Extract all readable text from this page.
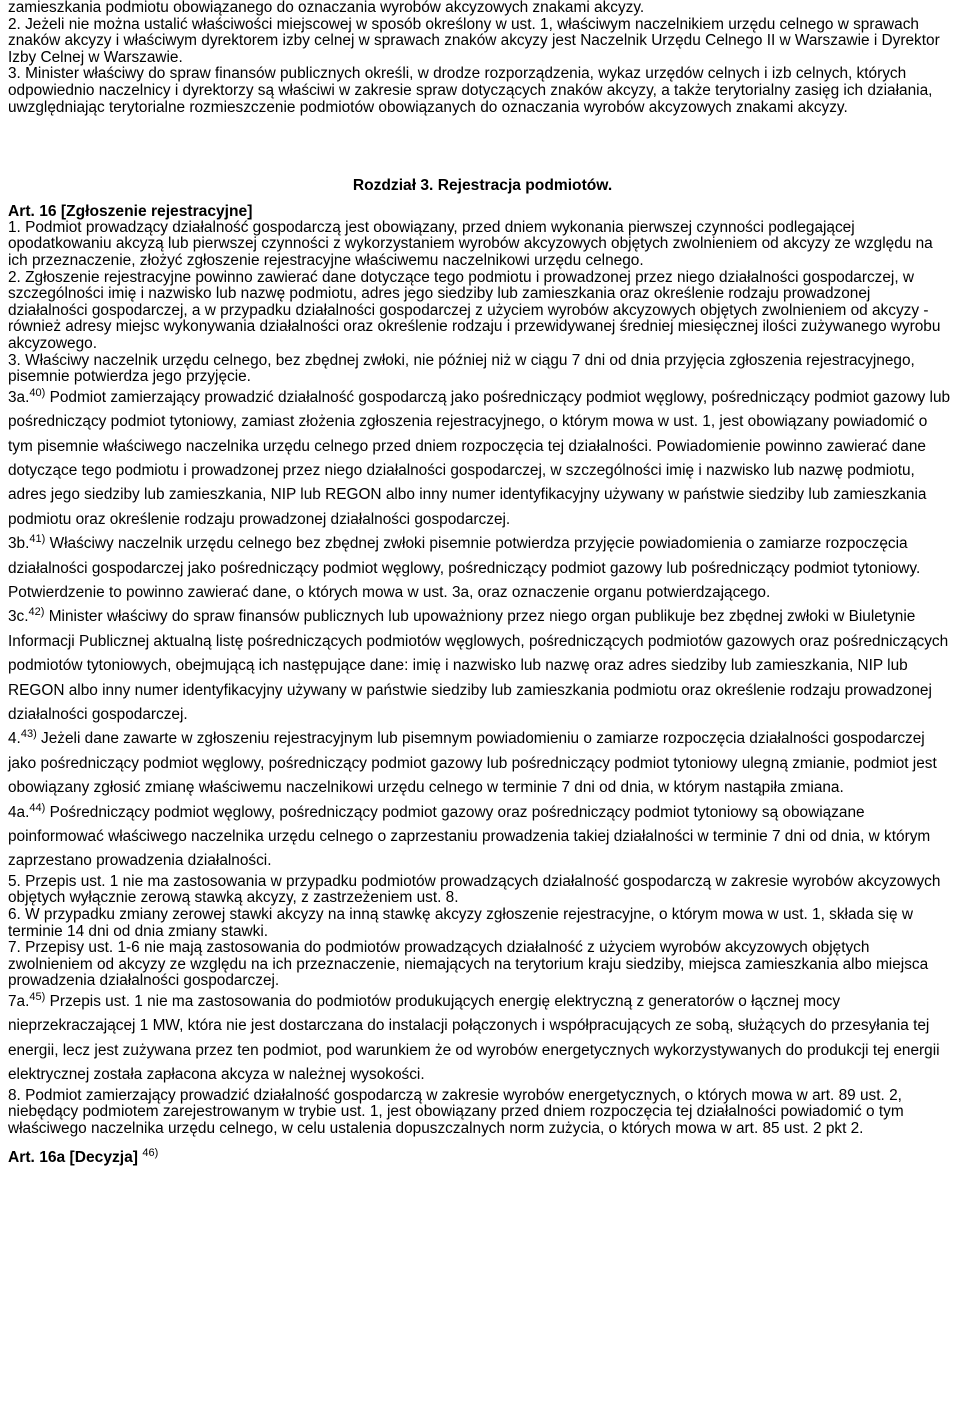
zamieszkania podmiotu obowiązanego do oznaczania wyrobów akcyzowych znakami akcyzy.

2. Jeżeli nie można ustalić właściwości miejscowej w sposób określony w ust. 1, właściwym naczelnikiem urzędu celnego w sprawach znaków akcyzy i właściwym dyrektorem izby celnej w sprawach znaków akcyzy jest Naczelnik Urzędu Celnego II w Warszawie i Dyrektor Izby Celnej w Warszawie.

3. Minister właściwy do spraw finansów publicznych określi, w drodze rozporządzenia, wykaz urzędów celnych i izb celnych, których odpowiednio naczelnicy i dyrektorzy są właściwi w zakresie spraw dotyczących znaków akcyzy, a także terytorialny zasięg ich działania, uwzględniając terytorialne rozmieszczenie podmiotów obowiązanych do oznaczania wyrobów akcyzowych znakami akcyzy.

Rozdział 3. Rejestracja podmiotów.
Art. 16 [Zgłoszenie rejestracyjne]

1. Podmiot prowadzący działalność gospodarczą jest obowiązany, przed dniem wykonania pierwszej czynności podlegającej opodatkowaniu akcyzą lub pierwszej czynności z wykorzystaniem wyrobów akcyzowych objętych zwolnieniem od akcyzy ze względu na ich przeznaczenie, złożyć zgłoszenie rejestracyjne właściwemu naczelnikowi urzędu celnego.

2. Zgłoszenie rejestracyjne powinno zawierać dane dotyczące tego podmiotu i prowadzonej przez niego działalności gospodarczej, w szczególności imię i nazwisko lub nazwę podmiotu, adres jego siedziby lub zamieszkania oraz określenie rodzaju prowadzonej działalności gospodarczej, a w przypadku działalności gospodarczej z użyciem wyrobów akcyzowych objętych zwolnieniem od akcyzy - również adresy miejsc wykonywania działalności oraz określenie rodzaju i przewidywanej średniej miesięcznej ilości zużywanego wyrobu akcyzowego.

3. Właściwy naczelnik urzędu celnego, bez zbędnej zwłoki, nie później niż w ciągu 7 dni od dnia przyjęcia zgłoszenia rejestracyjnego, pisemnie potwierdza jego przyjęcie.

3a.$^{40)}$ Podmiot zamierzający prowadzić działalność gospodarczą jako pośredniczący podmiot węglowy, pośredniczący podmiot gazowy lub pośredniczący podmiot tytoniowy, zamiast złożenia zgłoszenia rejestracyjnego, o którym mowa w ust. 1, jest obowiązany powiadomić o tym pisemnie właściwego naczelnika urzędu celnego przed dniem rozpoczęcia tej działalności. Powiadomienie powinno zawierać dane dotyczące tego podmiotu i prowadzonej przez niego działalności gospodarczej, w szczególności imię i nazwisko lub nazwę podmiotu, adres jego siedziby lub zamieszkania, NIP lub REGON albo inny numer identyfikacyjny używany w państwie siedziby lub zamieszkania podmiotu oraz określenie rodzaju prowadzonej działalności gospodarczej.

3b.$^{41)}$ Właściwy naczelnik urzędu celnego bez zbędnej zwłoki pisemnie potwierdza przyjęcie powiadomienia o zamiarze rozpoczęcia działalności gospodarczej jako pośredniczący podmiot węglowy, pośredniczący podmiot gazowy lub pośredniczący podmiot tytoniowy. Potwierdzenie to powinno zawierać dane, o których mowa w ust. 3a, oraz oznaczenie organu potwierdzającego.

3c.$^{42)}$ Minister właściwy do spraw finansów publicznych lub upoważniony przez niego organ publikuje bez zbędnej zwłoki w Biuletynie Informacji Publicznej aktualną listę pośredniczących podmiotów węglowych, pośredniczących podmiotów gazowych oraz pośredniczących podmiotów tytoniowych, obejmującą ich następujące dane: imię i nazwisko lub nazwę oraz adres siedziby lub zamieszkania, NIP lub REGON albo inny numer identyfikacyjny używany w państwie siedziby lub zamieszkania podmiotu oraz określenie rodzaju prowadzonej działalności gospodarczej.

4.$^{43)}$ Jeżeli dane zawarte w zgłoszeniu rejestracyjnym lub pisemnym powiadomieniu o zamiarze rozpoczęcia działalności gospodarczej jako pośredniczący podmiot węglowy, pośredniczący podmiot gazowy lub pośredniczący podmiot tytoniowy ulegną zmianie, podmiot jest obowiązany zgłosić zmianę właściwemu naczelnikowi urzędu celnego w terminie 7 dni od dnia, w którym nastąpiła zmiana.

4a.$^{44)}$ Pośredniczący podmiot węglowy, pośredniczący podmiot gazowy oraz pośredniczący podmiot tytoniowy są obowiązane poinformować właściwego naczelnika urzędu celnego o zaprzestaniu prowadzenia takiej działalności w terminie 7 dni od dnia, w którym zaprzestano prowadzenia działalności.

5. Przepis ust. 1 nie ma zastosowania w przypadku podmiotów prowadzących działalność gospodarczą w zakresie wyrobów akcyzowych objętych wyłącznie zerową stawką akcyzy, z zastrzeżeniem ust. 8.

6. W przypadku zmiany zerowej stawki akcyzy na inną stawkę akcyzy zgłoszenie rejestracyjne, o którym mowa w ust. 1, składa się w terminie 14 dni od dnia zmiany stawki.

7. Przepisy ust. 1-6 nie mają zastosowania do podmiotów prowadzących działalność z użyciem wyrobów akcyzowych objętych zwolnieniem od akcyzy ze względu na ich przeznaczenie, niemających na terytorium kraju siedziby, miejsca zamieszkania albo miejsca prowadzenia działalności gospodarczej.

7a.$^{45)}$ Przepis ust. 1 nie ma zastosowania do podmiotów produkujących energię elektryczną z generatorów o łącznej mocy nieprzekraczającej 1 MW, która nie jest dostarczana do instalacji połączonych i współpracujących ze sobą, służących do przesyłania tej energii, lecz jest zużywana przez ten podmiot, pod warunkiem że od wyrobów energetycznych wykorzystywanych do produkcji tej energii elektrycznej została zapłacona akcyza w należnej wysokości.

8. Podmiot zamierzający prowadzić działalność gospodarczą w zakresie wyrobów energetycznych, o których mowa w art. 89 ust. 2, niebędący podmiotem zarejestrowanym w trybie ust. 1, jest obowiązany przed dniem rozpoczęcia tej działalności powiadomić o tym właściwego naczelnika urzędu celnego, w celu ustalenia dopuszczalnych norm zużycia, o których mowa w art. 85 ust. 2 pkt 2.

Art. 16a [Decyzja] $^{46)}$
